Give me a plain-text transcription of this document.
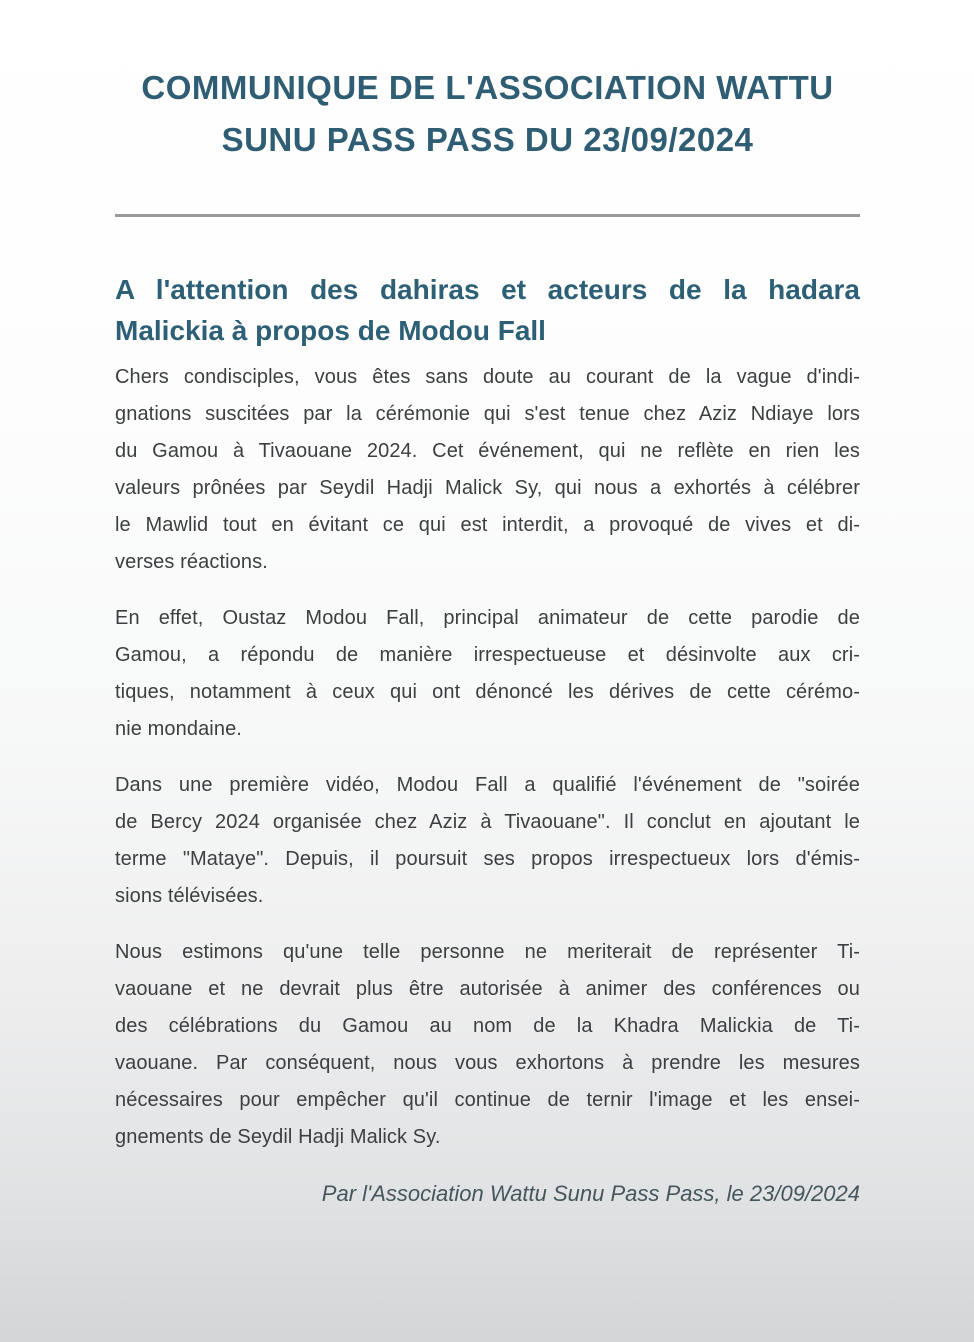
COMMUNIQUE DE L'ASSOCIATION WATTU
SUNU PASS PASS DU 23/09/2024
A l'attention des dahiras et acteurs de la hadara
Malickia à propos de Modou Fall

Chers condisciples, vous êtes sans doute au courant de la vague d'indi-
gnations suscitées par la cérémonie qui s'est tenue chez Aziz Ndiaye lors
du Gamou à Tivaouane 2024. Cet événement, qui ne reflète en rien les
valeurs prônées par Seydil Hadji Malick Sy, qui nous a exhortés à célébrer
le Mawlid tout en évitant ce qui est interdit, a provoqué de vives et di-
verses réactions.

En effet, Oustaz Modou Fall, principal animateur de cette parodie de
Gamou, a répondu de manière irrespectueuse et désinvolte aux cri-
tiques, notamment à ceux qui ont dénoncé les dérives de cette cérémo-
nie mondaine.

Dans une première vidéo, Modou Fall a qualifié l'événement de "soirée
de Bercy 2024 organisée chez Aziz à Tivaouane". Il conclut en ajoutant le
terme "Mataye". Depuis, il poursuit ses propos irrespectueux lors d'émis-
sions télévisées.

Nous estimons qu'une telle personne ne meriterait de représenter Ti-
vaouane et ne devrait plus être autorisée à animer des conférences ou
des célébrations du Gamou au nom de la Khadra Malickia de Ti-
vaouane. Par conséquent, nous vous exhortons à prendre les mesures
nécessaires pour empêcher qu'il continue de ternir l'image et les ensei-
gnements de Seydil Hadji Malick Sy.

Par l'Association Wattu Sunu Pass Pass, le 23/09/2024
